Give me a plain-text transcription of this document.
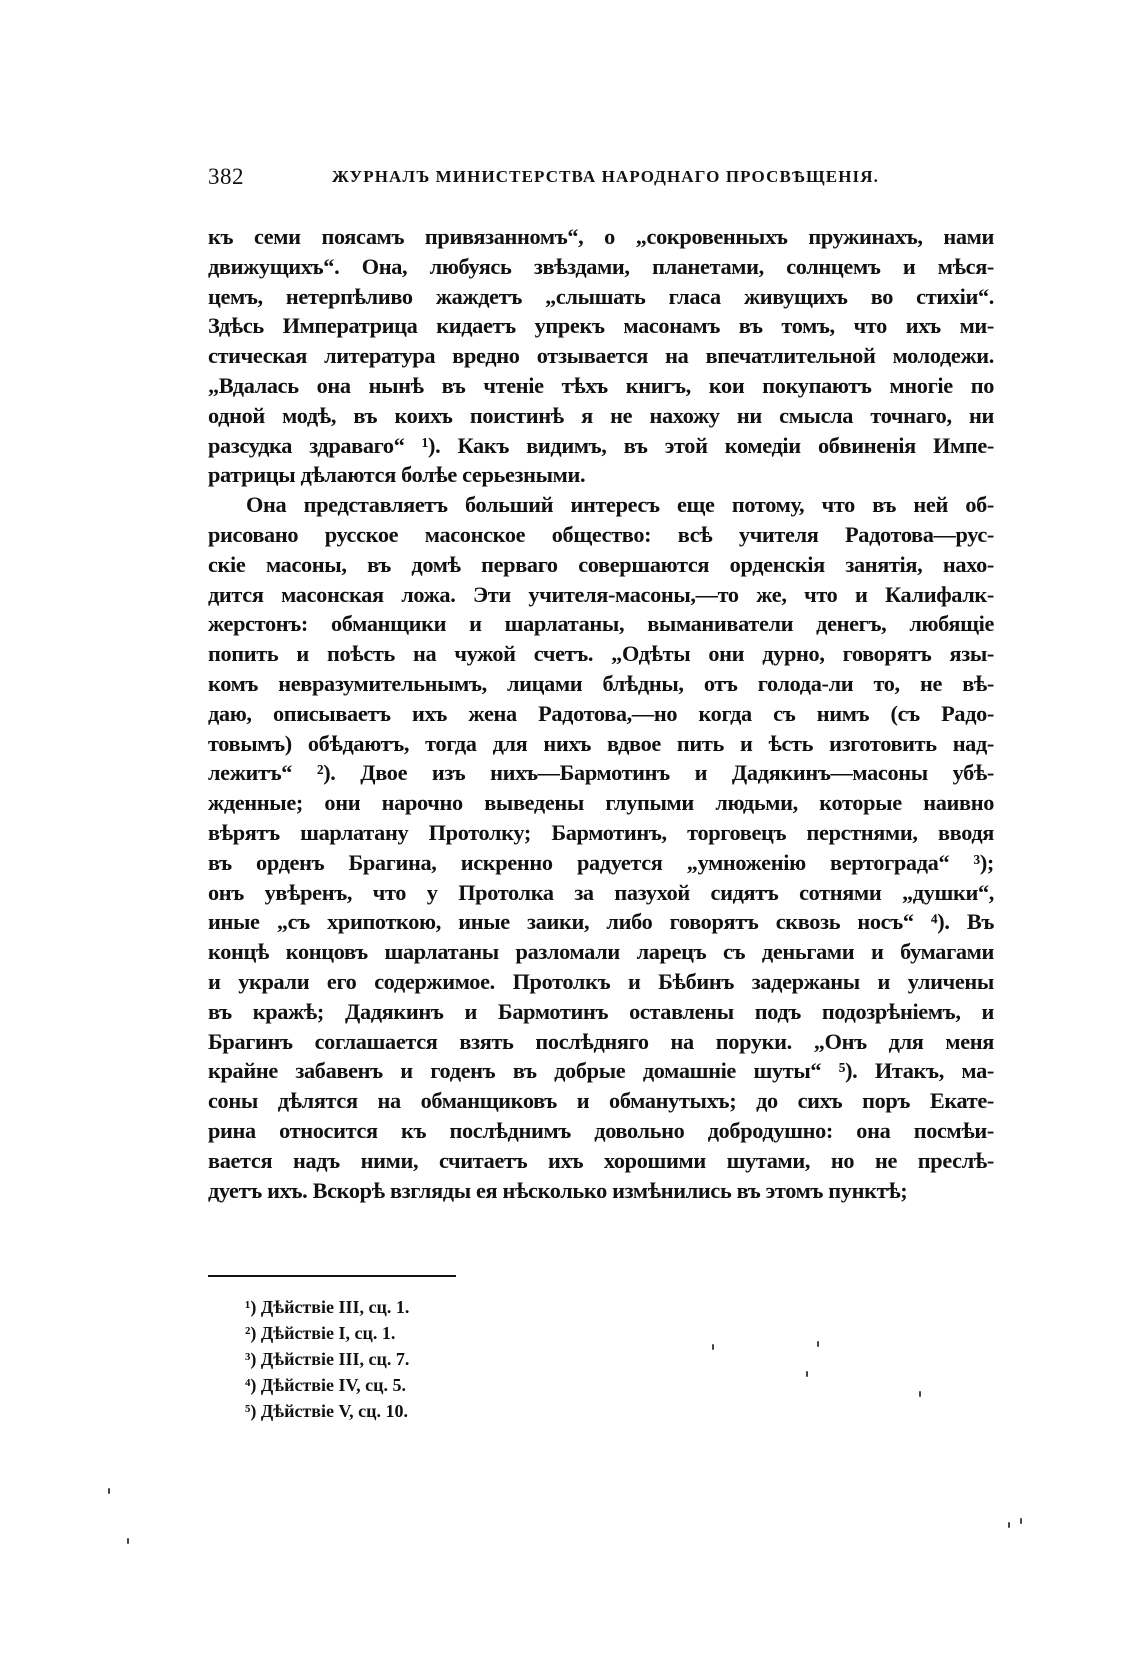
382	ЖУРНАЛЪ МИНИСТЕРСТВА НАРОДНАГО ПРОСВѢЩЕНІЯ.
къ семи поясамъ привязанномъ“, о „сокровенныхъ пружинахъ, нами
движущихъ“. Она, любуясь звѣздами, планетами, солнцемъ и мѣся-
цемъ, нетерпѣливо жаждетъ „слышать гласа живущихъ во стихіи“.
Здѣсь Императрица кидаетъ упрекъ масонамъ въ томъ, что ихъ ми-
стическая литература вредно отзывается на впечатлительной молодежи.
„Вдалась она нынѣ въ чтеніе тѣхъ книгъ, кои покупаютъ многіе по
одной модѣ, въ коихъ поистинѣ я не нахожу ни смысла точнаго, ни
разсудка здраваго“ ¹). Какъ видимъ, въ этой комедіи обвиненія Импе-
ратрицы дѣлаются болѣе серьезными.
Она представляетъ больший интересъ еще потому, что въ ней об-
рисовано русское масонское общество: всѣ учителя Радотова—рус-
скіе масоны, въ домѣ перваго совершаются орденскія занятія, нахо-
дится масонская ложа. Эти учителя-масоны,—то же, что и Калифалк-
жерстонъ: обманщики и шарлатаны, выманиватели денегъ, любящіе
попить и поѣсть на чужой счетъ. „Одѣты они дурно, говорятъ язы-
комъ невразумительнымъ, лицами блѣдны, отъ голода-ли то, не вѣ-
даю, описываетъ ихъ жена Радотова,—но когда съ нимъ (съ Радо-
товымъ) обѣдаютъ, тогда для нихъ вдвое пить и ѣсть изготовить над-
лежитъ“ ²). Двое изъ нихъ—Бармотинъ и Дадякинъ—масоны убѣ-
жденные; они нарочно выведены глупыми людьми, которые наивно
вѣрятъ шарлатану Протолку; Бармотинъ, торговецъ перстнями, вводя
въ орденъ Брагина, искренно радуется „умноженію вертограда“ ³);
онъ увѣренъ, что у Протолка за пазухой сидятъ сотнями „душки“,
иные „съ хрипоткою, иные заики, либо говорятъ сквозь носъ“ ⁴). Въ
концѣ концовъ шарлатаны разломали ларецъ съ деньгами и бумагами
и украли его содержимое. Протолкъ и Бѣбинъ задержаны и уличены
въ кражѣ; Дадякинъ и Бармотинъ оставлены подъ подозрѣніемъ, и
Брагинъ соглашается взять послѣдняго на поруки. „Онъ для меня
крайне забавенъ и годенъ въ добрые домашніе шуты“ ⁵). Итакъ, ма-
соны дѣлятся на обманщиковъ и обманутыхъ; до сихъ поръ Екате-
рина относится къ послѣднимъ довольно добродушно: она посмѣи-
вается надъ ними, считаетъ ихъ хорошими шутами, но не преслѣ-
дуетъ ихъ. Вскорѣ взгляды ея нѣсколько измѣнились въ этомъ пунктѣ;
¹) Дѣйствіе III, сц. 1.
²) Дѣйствіе I, сц. 1.
³) Дѣйствіе III, сц. 7.
⁴) Дѣйствіе IV, сц. 5.
⁵) Дѣйствіе V, сц. 10.
